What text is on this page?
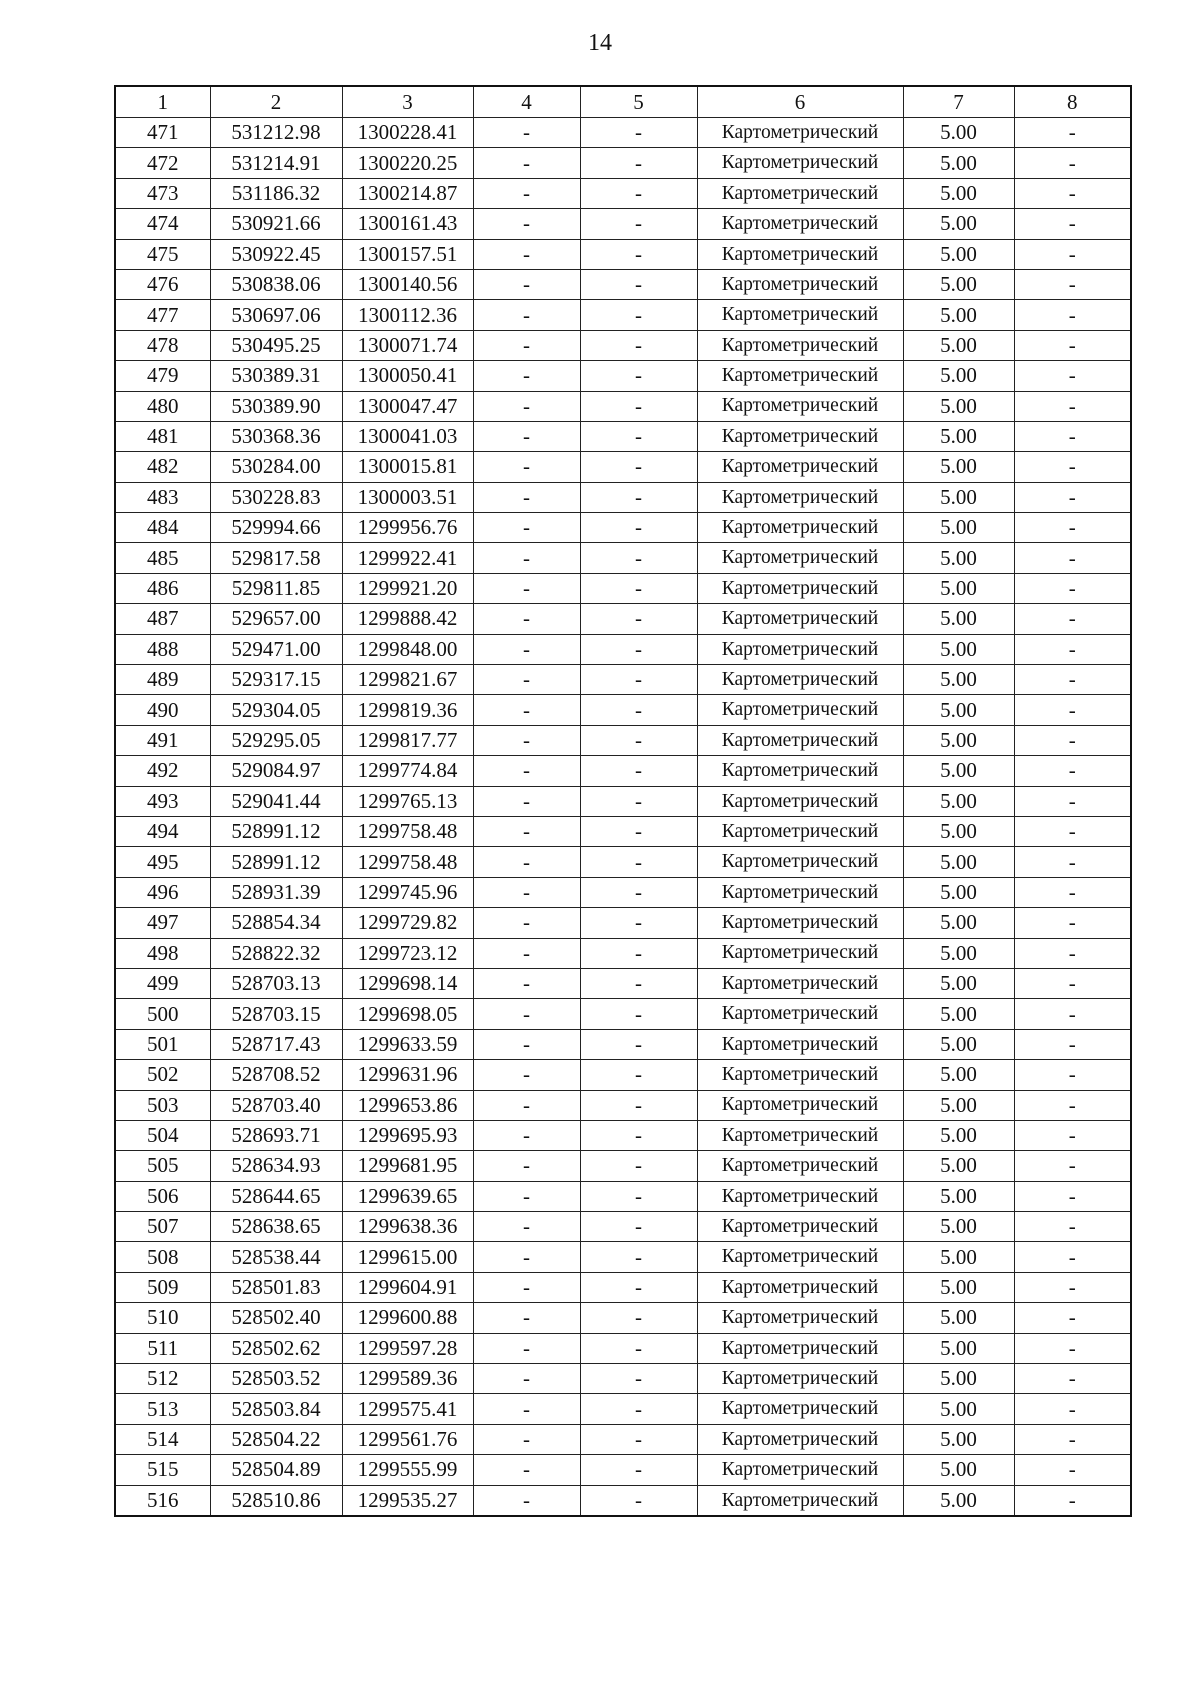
14
1	2	3	4	5	6	7	8
471	531212.98	1300228.41	-	-	Картометрический	5.00	-
472	531214.91	1300220.25	-	-	Картометрический	5.00	-
473	531186.32	1300214.87	-	-	Картометрический	5.00	-
474	530921.66	1300161.43	-	-	Картометрический	5.00	-
475	530922.45	1300157.51	-	-	Картометрический	5.00	-
476	530838.06	1300140.56	-	-	Картометрический	5.00	-
477	530697.06	1300112.36	-	-	Картометрический	5.00	-
478	530495.25	1300071.74	-	-	Картометрический	5.00	-
479	530389.31	1300050.41	-	-	Картометрический	5.00	-
480	530389.90	1300047.47	-	-	Картометрический	5.00	-
481	530368.36	1300041.03	-	-	Картометрический	5.00	-
482	530284.00	1300015.81	-	-	Картометрический	5.00	-
483	530228.83	1300003.51	-	-	Картометрический	5.00	-
484	529994.66	1299956.76	-	-	Картометрический	5.00	-
485	529817.58	1299922.41	-	-	Картометрический	5.00	-
486	529811.85	1299921.20	-	-	Картометрический	5.00	-
487	529657.00	1299888.42	-	-	Картометрический	5.00	-
488	529471.00	1299848.00	-	-	Картометрический	5.00	-
489	529317.15	1299821.67	-	-	Картометрический	5.00	-
490	529304.05	1299819.36	-	-	Картометрический	5.00	-
491	529295.05	1299817.77	-	-	Картометрический	5.00	-
492	529084.97	1299774.84	-	-	Картометрический	5.00	-
493	529041.44	1299765.13	-	-	Картометрический	5.00	-
494	528991.12	1299758.48	-	-	Картометрический	5.00	-
495	528991.12	1299758.48	-	-	Картометрический	5.00	-
496	528931.39	1299745.96	-	-	Картометрический	5.00	-
497	528854.34	1299729.82	-	-	Картометрический	5.00	-
498	528822.32	1299723.12	-	-	Картометрический	5.00	-
499	528703.13	1299698.14	-	-	Картометрический	5.00	-
500	528703.15	1299698.05	-	-	Картометрический	5.00	-
501	528717.43	1299633.59	-	-	Картометрический	5.00	-
502	528708.52	1299631.96	-	-	Картометрический	5.00	-
503	528703.40	1299653.86	-	-	Картометрический	5.00	-
504	528693.71	1299695.93	-	-	Картометрический	5.00	-
505	528634.93	1299681.95	-	-	Картометрический	5.00	-
506	528644.65	1299639.65	-	-	Картометрический	5.00	-
507	528638.65	1299638.36	-	-	Картометрический	5.00	-
508	528538.44	1299615.00	-	-	Картометрический	5.00	-
509	528501.83	1299604.91	-	-	Картометрический	5.00	-
510	528502.40	1299600.88	-	-	Картометрический	5.00	-
511	528502.62	1299597.28	-	-	Картометрический	5.00	-
512	528503.52	1299589.36	-	-	Картометрический	5.00	-
513	528503.84	1299575.41	-	-	Картометрический	5.00	-
514	528504.22	1299561.76	-	-	Картометрический	5.00	-
515	528504.89	1299555.99	-	-	Картометрический	5.00	-
516	528510.86	1299535.27	-	-	Картометрический	5.00	-
